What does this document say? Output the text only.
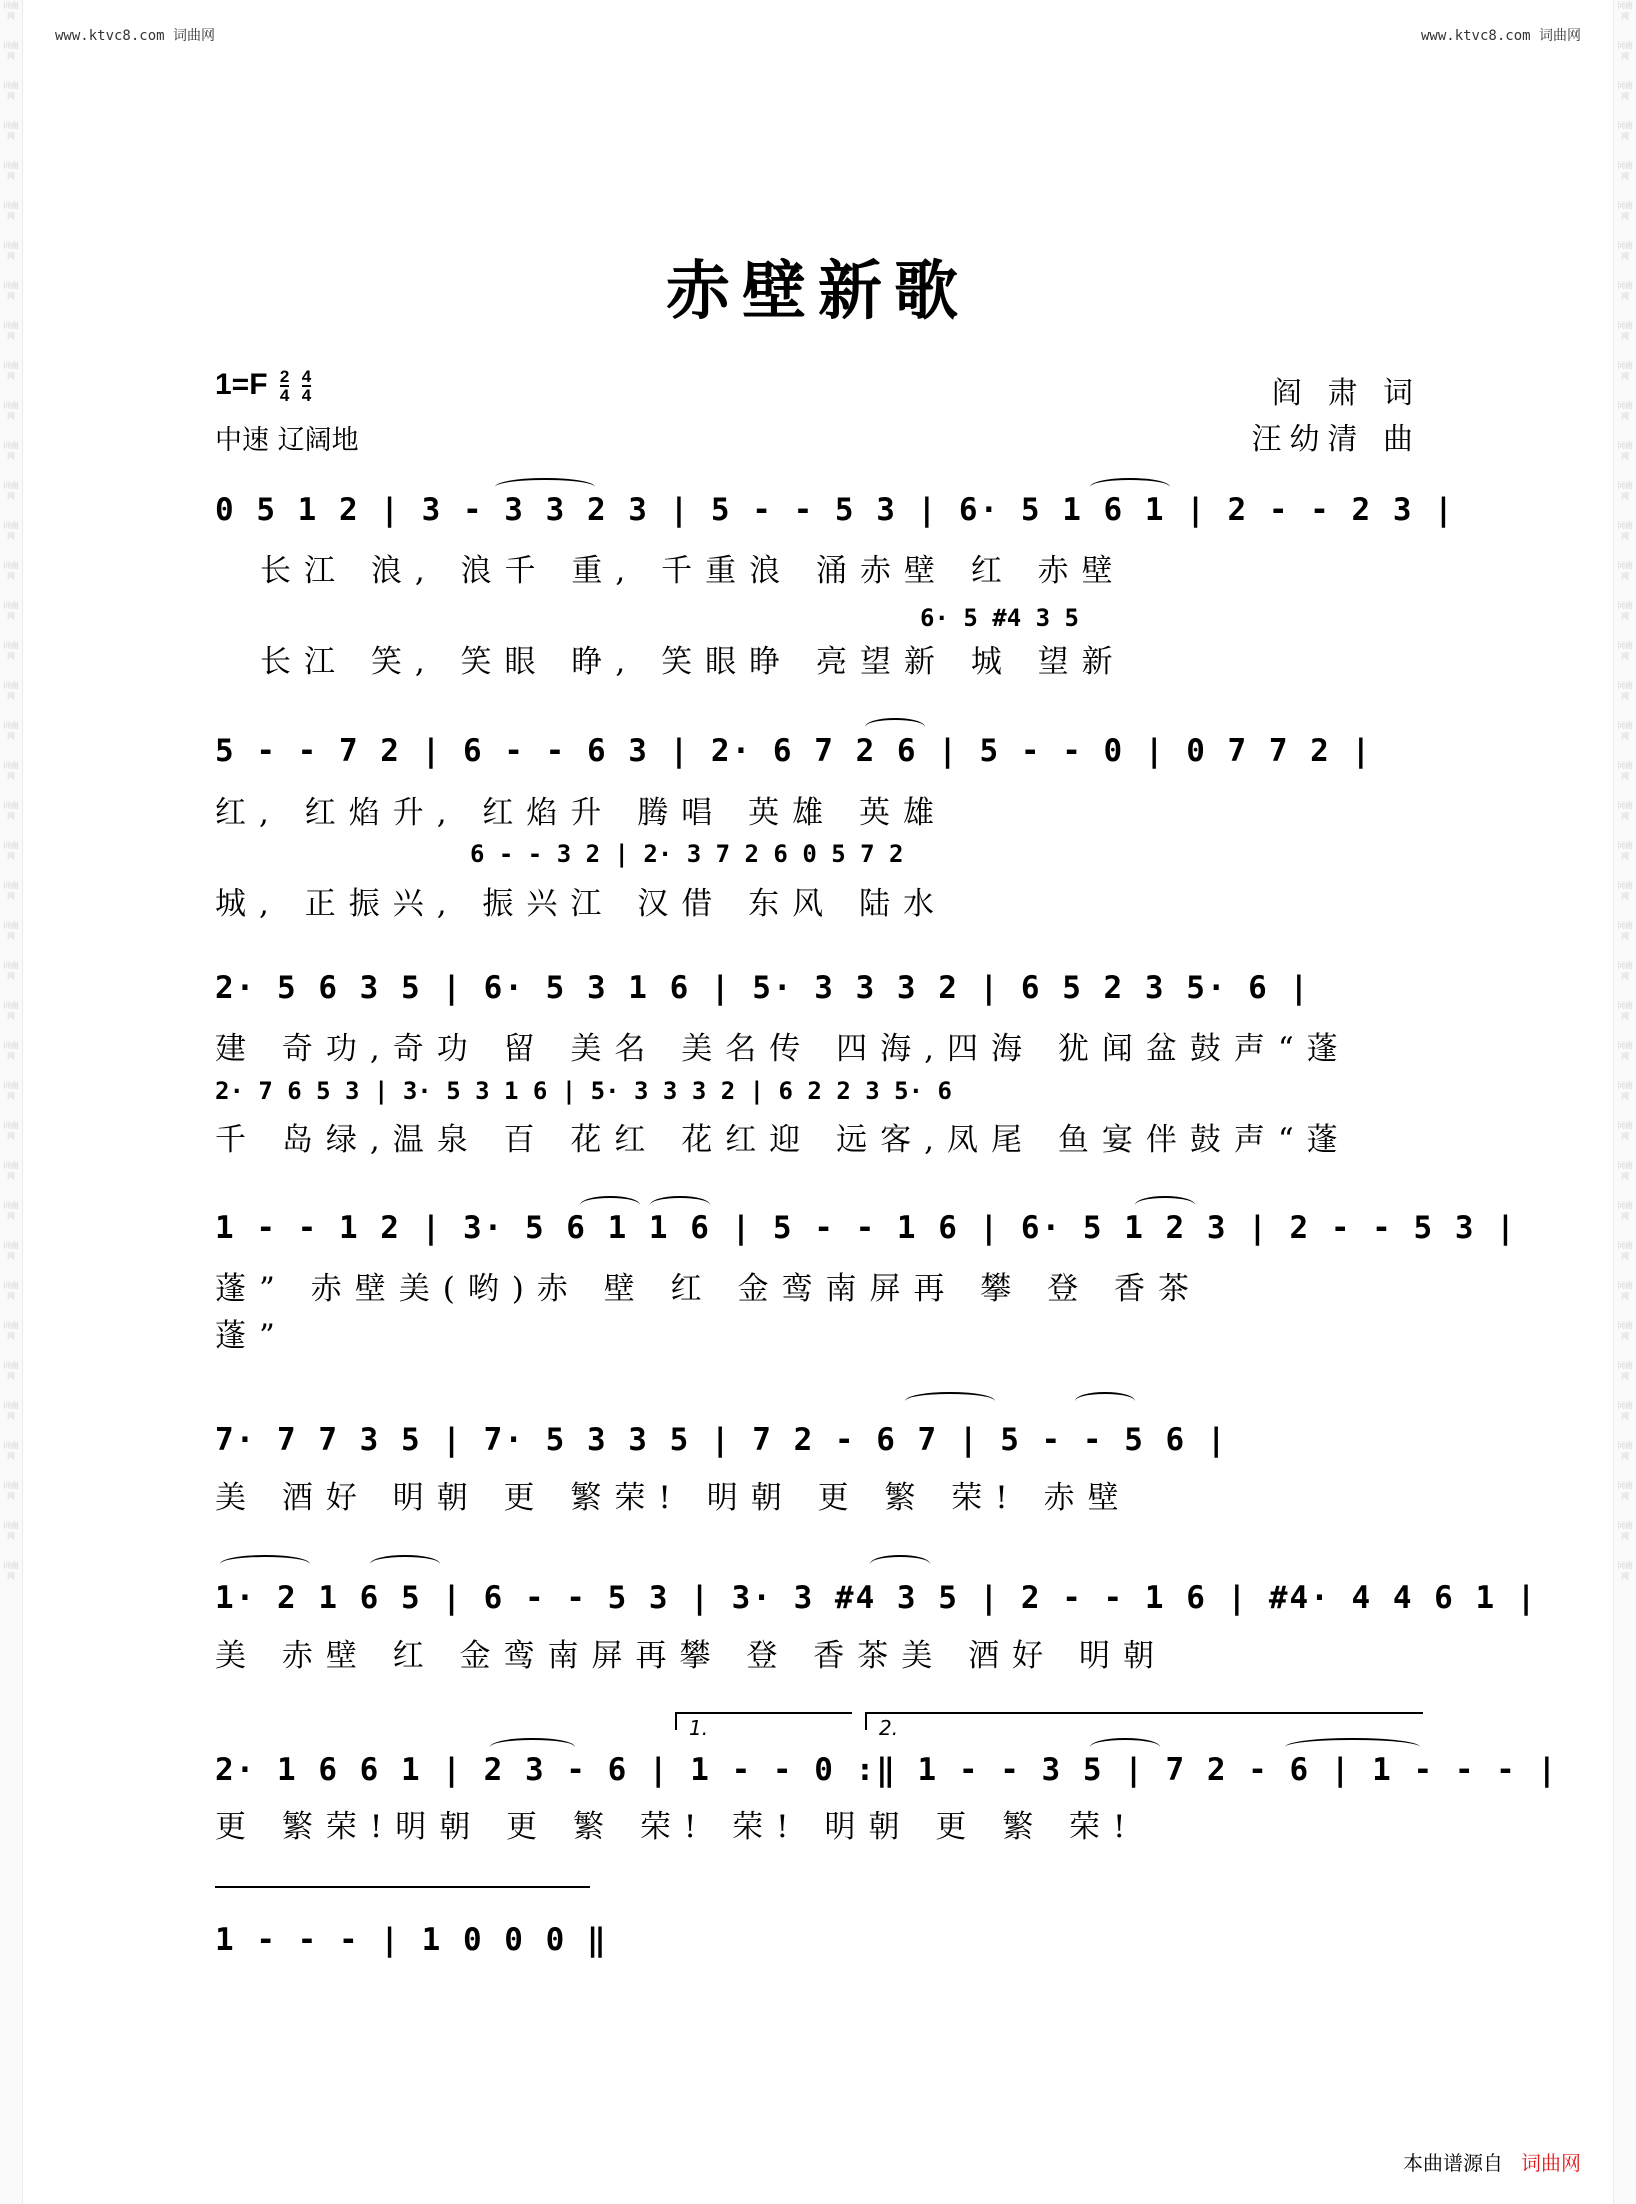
词曲网
词曲网
词曲网
词曲网
词曲网
词曲网
词曲网
词曲网
词曲网
词曲网
词曲网
词曲网
词曲网
词曲网
词曲网
词曲网
词曲网
词曲网
词曲网
词曲网
词曲网
词曲网
词曲网
词曲网
词曲网
词曲网
词曲网
词曲网
词曲网
词曲网
词曲网
词曲网
词曲网
词曲网
词曲网
词曲网
词曲网
词曲网
词曲网
词曲网
词曲网
词曲网
词曲网
词曲网
词曲网
词曲网
词曲网
词曲网
词曲网
词曲网
词曲网
词曲网
词曲网
词曲网
词曲网
词曲网
词曲网
词曲网
词曲网
词曲网
词曲网
词曲网
词曲网
词曲网
词曲网
词曲网
词曲网
词曲网
词曲网
词曲网
词曲网
词曲网
词曲网
词曲网
词曲网
词曲网
词曲网
词曲网
词曲网
词曲网
www.ktvc8.com 词曲网	www.ktvc8.com 词曲网
赤壁新歌
$1=F \frac{2}{4}$
$\frac{4}{4}$
中速 辽阔地
阎 肃 词
汪幼清 曲
0 5 1 2 | 3 - 3 3 2 3 | 5 - - 5 3 | 6· 5 1 6 1 | 2 - - 2 3 |
长江 浪, 浪千 重, 千重浪 涌赤壁 红 赤壁
6· 5 #4 3 5
长江 笑, 笑眼 睁, 笑眼睁 亮望新 城 望新
5 - - 7 2 | 6 - - 6 3 | 2· 6 7 2 6 | 5 - - 0 | 0 7 7 2 |
红, 红焰升, 红焰升 腾唱 英雄 英雄
6 - - 3 2 | 2· 3 7 2 6 0 5 7 2
城, 正振兴, 振兴江 汉借 东风 陆水
2· 5 6 3 5 | 6· 5 3 1 6 | 5· 3 3 3 2 | 6 5 2 3 5· 6 |
建 奇功,奇功 留 美名 美名传 四海,四海 犹闻盆鼓声“蓬
2· 7 6 5 3 | 3· 5 3 1 6 | 5· 3 3 3 2 | 6 2 2 3 5· 6
千 岛绿,温泉 百 花红 花红迎 远客,凤尾 鱼宴伴鼓声“蓬
1 - - 1 2 | 3· 5 6 1 1 6 | 5 - - 1 6 | 6· 5 1 2 3 | 2 - - 5 3 |
蓬” 赤壁美(哟)赤 壁 红 金鸾南屏再 攀 登 香茶
蓬”
7· 7 7 3 5 | 7· 5 3 3 5 | 7 2 - 6 7 | 5 - - 5 6 |
美 酒好 明朝 更 繁荣! 明朝 更 繁 荣! 赤壁
1· 2 1 6 5 | 6 - - 5 3 | 3· 3 #4 3 5 | 2 - - 1 6 | #4· 4 4 6 1 |
美 赤壁 红 金鸾南屏再攀 登 香茶美 酒好 明朝
1.	2.
2· 1 6 6 1 | 2 3 - 6 | 1 - - 0 :‖ 1 - - 3 5 | 7 2 - 6 | 1 - - - |
更 繁荣!明朝 更 繁 荣! 荣! 明朝 更 繁 荣!
1 - - - | 1 0 0 0 ‖
本曲谱源自 词曲网
